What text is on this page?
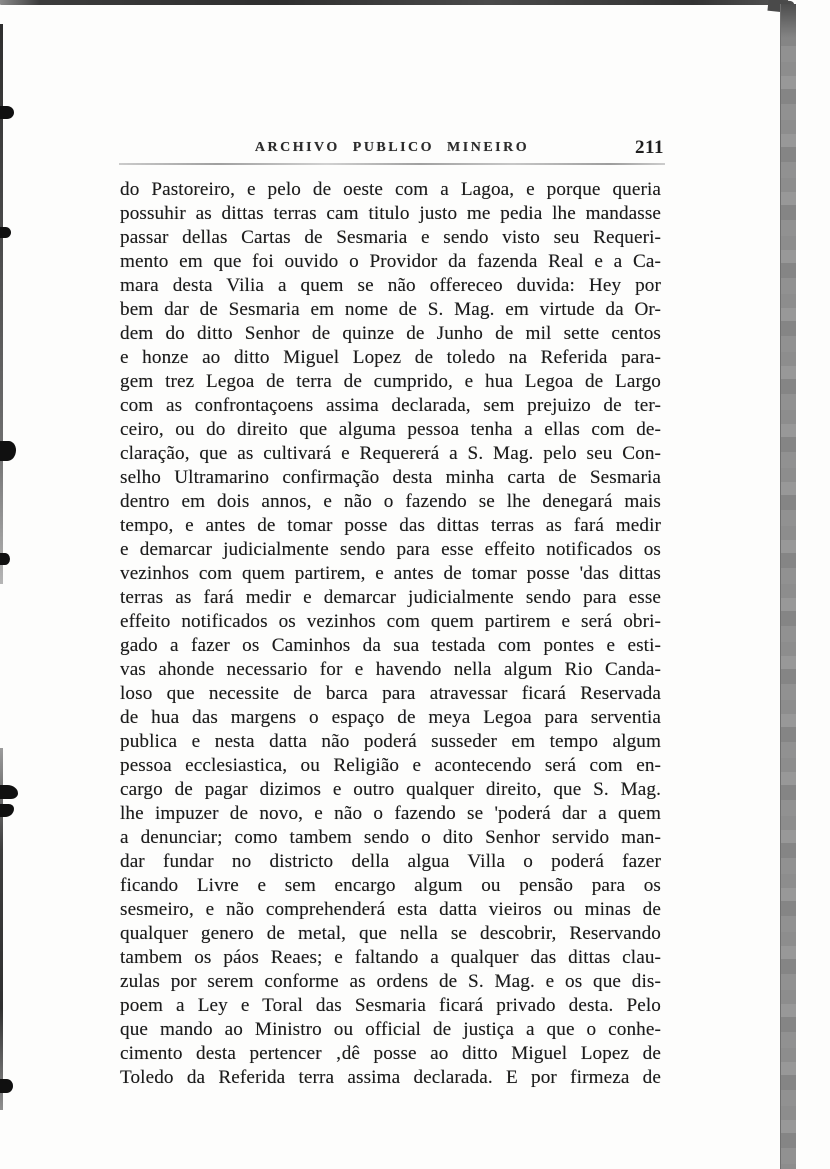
ARCHIVO PUBLICO MINEIRO	211
do Pastoreiro, e pelo de oeste com a Lagoa, e porque queria
possuhir as dittas terras cam titulo justo me pedia lhe mandasse
passar dellas Cartas de Sesmaria e sendo visto seu Requeri-
mento em que foi ouvido o Providor da fazenda Real e a Ca-
mara desta Vilia a quem se não offereceo duvida: Hey por
bem dar de Sesmaria em nome de S. Mag. em virtude da Or-
dem do ditto Senhor de quinze de Junho de mil sette centos
e honze ao ditto Miguel Lopez de toledo na Referida para-
gem trez Legoa de terra de cumprido, e hua Legoa de Largo
com as confrontaçoens assima declarada, sem prejuizo de ter-
ceiro, ou do direito que alguma pessoa tenha a ellas com de-
claração, que as cultivará e Requererá a S. Mag. pelo seu Con-
selho Ultramarino confirmação desta minha carta de Sesmaria
dentro em dois annos, e não o fazendo se lhe denegará mais
tempo, e antes de tomar posse das dittas terras as fará medir
e demarcar judicialmente sendo para esse effeito notificados os
vezinhos com quem partirem, e antes de tomar posse 'das dittas
terras as fará medir e demarcar judicialmente sendo para esse
effeito notificados os vezinhos com quem partirem e será obri-
gado a fazer os Caminhos da sua testada com pontes e esti-
vas ahonde necessario for e havendo nella algum Rio Canda-
loso que necessite de barca para atravessar ficará Reservada
de hua das margens o espaço de meya Legoa para serventia
publica e nesta datta não poderá susseder em tempo algum
pessoa ecclesiastica, ou Religião e acontecendo será com en-
cargo de pagar dizimos e outro qualquer direito, que S. Mag.
lhe impuzer de novo, e não o fazendo se 'poderá dar a quem
a denunciar; como tambem sendo o dito Senhor servido man-
dar fundar no districto della algua Villa o poderá fazer
ficando Livre e sem encargo algum ou pensão para os
sesmeiro, e não comprehenderá esta datta vieiros ou minas de
qualquer genero de metal, que nella se descobrir, Reservando
tambem os páos Reaes; e faltando a qualquer das dittas clau-
zulas por serem conforme as ordens de S. Mag. e os que dis-
poem a Ley e Toral das Sesmaria ficará privado desta. Pelo
que mando ao Ministro ou official de justiça a que o conhe-
cimento desta pertencer ‚dê posse ao ditto Miguel Lopez de
Toledo da Referida terra assima declarada. E por firmeza de
